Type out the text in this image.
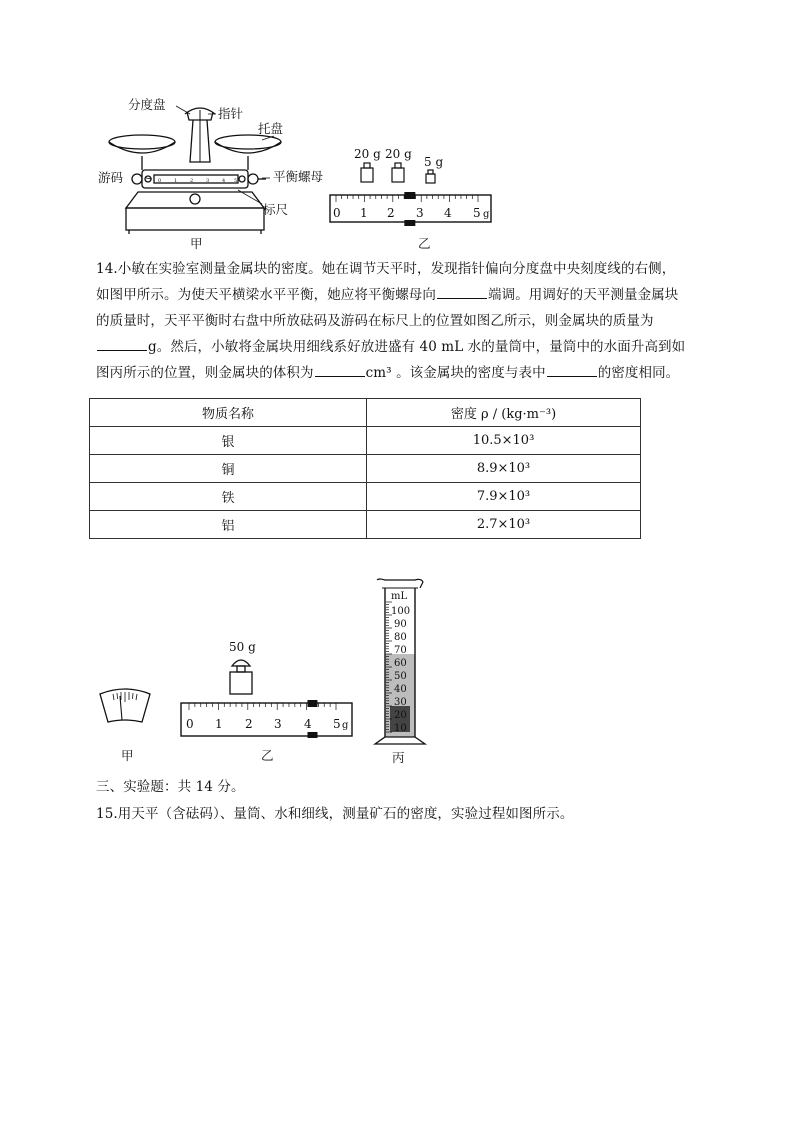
0	1	2	3	4 5
分度盘
指针
托盘
游码	平衡螺母
标尺
甲
20 g 20 g
5 g
0 1 2 3 4 5 g
乙
14.小敏在实验室测量金属块的密度。她在调节天平时，发现指针偏向分度盘中央刻度线的右侧，
如图甲所示。为使天平横梁水平平衡，她应将平衡螺母向	端调。用调好的天平测量金属块
的质量时，天平平衡时右盘中所放砝码及游码在标尺上的位置如图乙所示，则金属块的质量为
g。然后，小敏将金属块用细线系好放进盛有 40 mL 水的量筒中，量筒中的水面升高到如
图丙所示的位置，则金属块的体积为	cm³ 。该金属块的密度与表中	的密度相同。
物质名称	密度 ρ / (kg·m⁻³)
银	10.5×10³
铜	8.9×10³
铁	7.9×10³
铝	2.7×10³
甲
50 g
0 1 2 3 4 5 g
乙
mL
100
90
80
70
60
50
40
30
20
10
丙
三、实验题：共 14 分。
15.用天平（含砝码）、量筒、水和细线，测量矿石的密度，实验过程如图所示。
